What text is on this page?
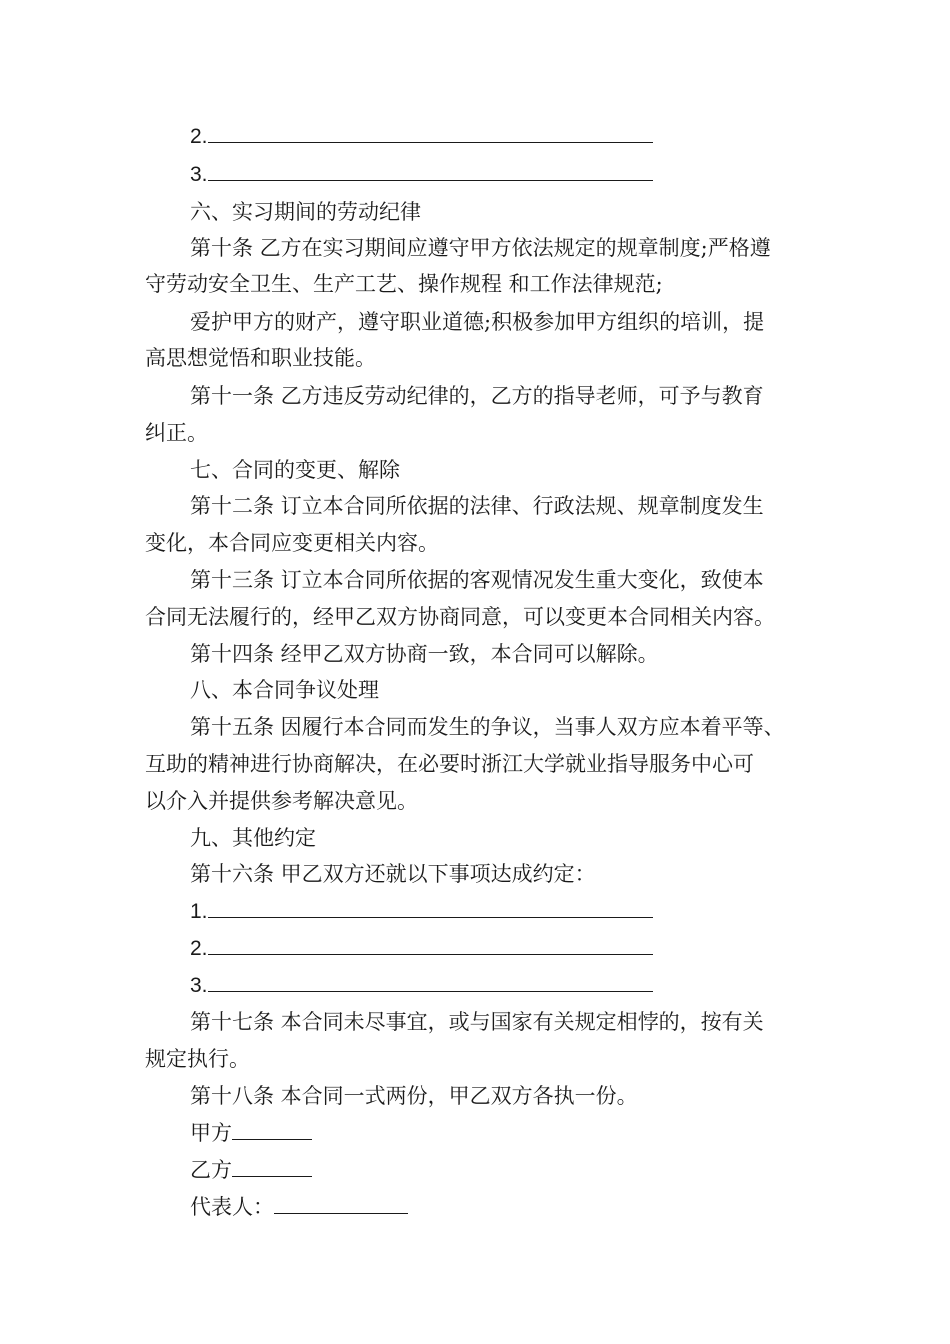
2.
3.
六、实习期间的劳动纪律
第十条 乙方在实习期间应遵守甲方依法规定的规章制度;严格遵
守劳动安全卫生、生产工艺、操作规程 和工作法律规范;
爱护甲方的财产，遵守职业道德;积极参加甲方组织的培训，提
高思想觉悟和职业技能。
第十一条 乙方违反劳动纪律的，乙方的指导老师，可予与教育
纠正。
七、合同的变更、解除
第十二条 订立本合同所依据的法律、行政法规、规章制度发生
变化，本合同应变更相关内容。
第十三条 订立本合同所依据的客观情况发生重大变化，致使本
合同无法履行的，经甲乙双方协商同意，可以变更本合同相关内容。
第十四条 经甲乙双方协商一致，本合同可以解除。
八、本合同争议处理
第十五条 因履行本合同而发生的争议，当事人双方应本着平等、
互助的精神进行协商解决，在必要时浙江大学就业指导服务中心可
以介入并提供参考解决意见。
九、其他约定
第十六条 甲乙双方还就以下事项达成约定：
1.
2.
3.
第十七条 本合同未尽事宜，或与国家有关规定相悖的，按有关
规定执行。
第十八条 本合同一式两份，甲乙双方各执一份。
甲方
乙方
代表人：
